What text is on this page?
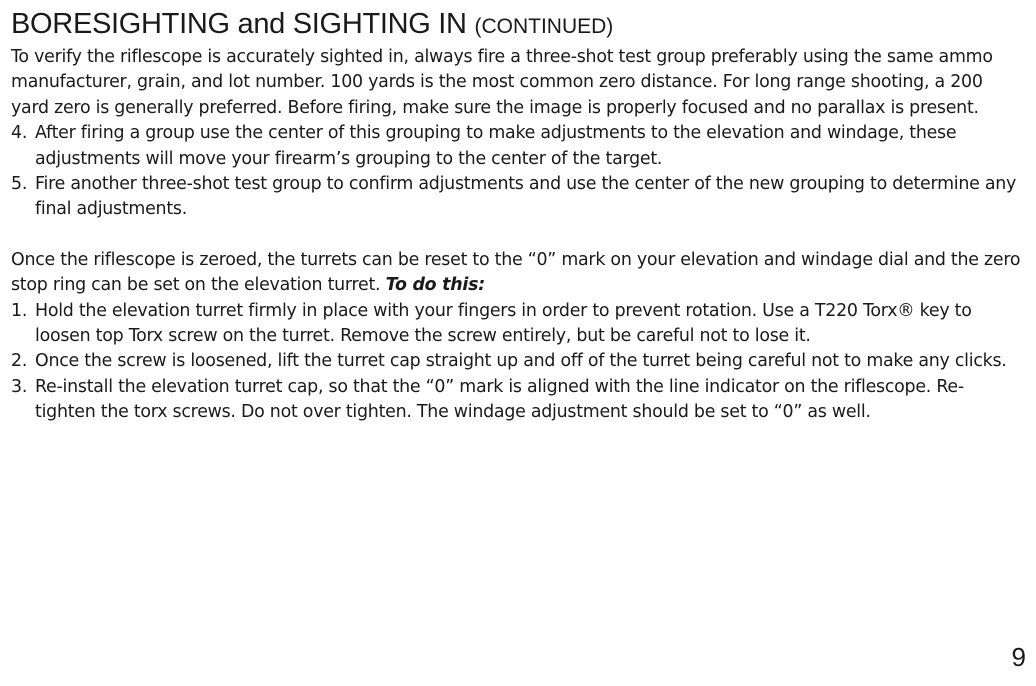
BORESIGHTING and SIGHTING IN (CONTINUED)

To verify the riflescope is accurately sighted in, always fire a three-shot test group preferably using the same ammo manufacturer, grain, and lot number. 100 yards is the most common zero distance. For long range shooting, a 200 yard zero is generally preferred. Before firing, make sure the image is properly focused and no parallax is present.

4. After firing a group use the center of this grouping to make adjustments to the elevation and windage, these adjustments will move your firearm’s grouping to the center of the target.
5. Fire another three-shot test group to confirm adjustments and use the center of the new grouping to determine any final adjustments.

Once the riflescope is zeroed, the turrets can be reset to the “0” mark on your elevation and windage dial and the zero stop ring can be set on the elevation turret. To do this:

1. Hold the elevation turret firmly in place with your fingers in order to prevent rotation. Use a T220 Torx® key to loosen top Torx screw on the turret. Remove the screw entirely, but be careful not to lose it.
2. Once the screw is loosened, lift the turret cap straight up and off of the turret being careful not to make any clicks.
3. Re-install the elevation turret cap, so that the “0” mark is aligned with the line indicator on the riflescope. Re-tighten the torx screws. Do not over tighten. The windage adjustment should be set to “0” as well.
9
